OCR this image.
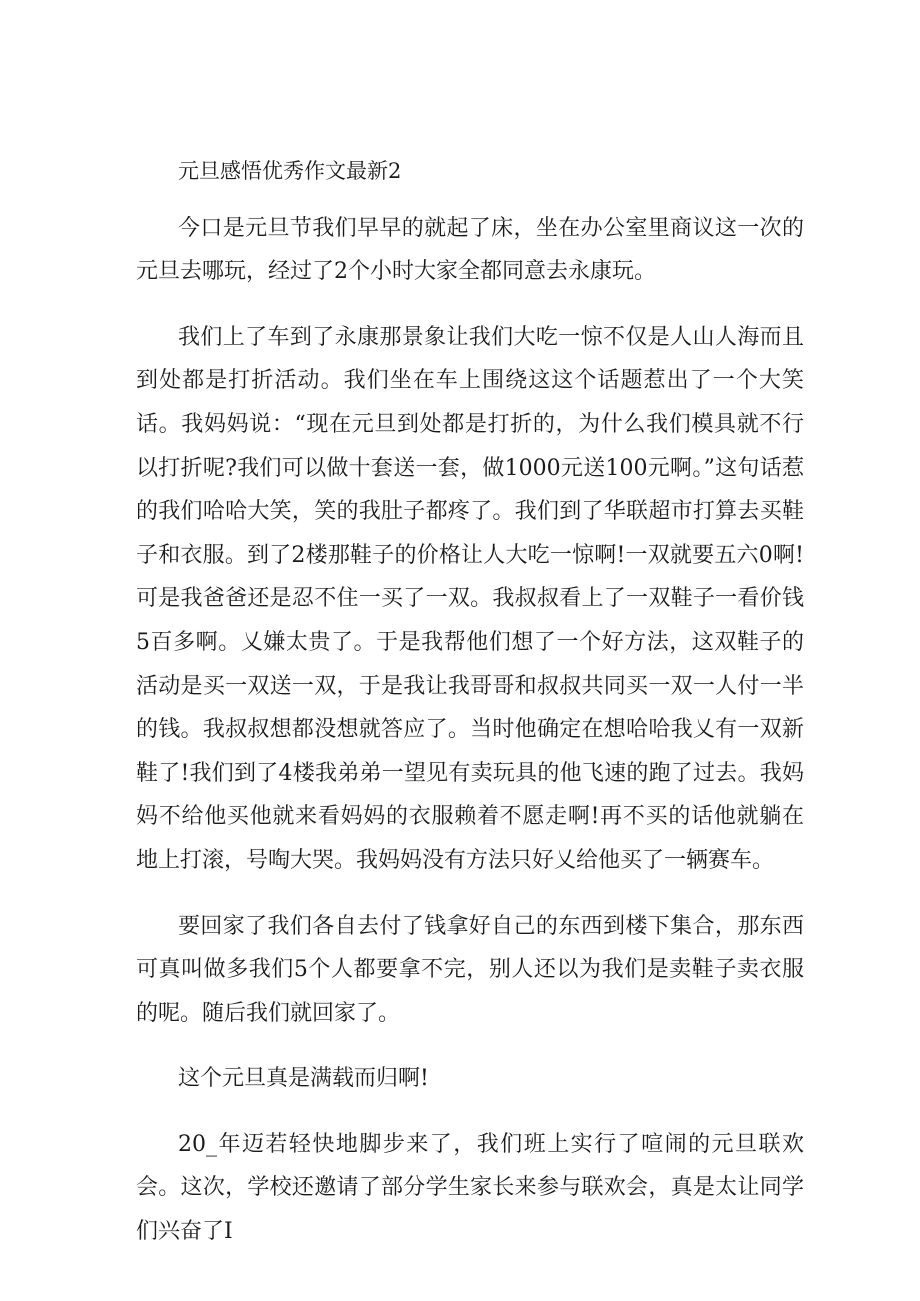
元旦感悟优秀作文最新2

今口是元旦节我们早早的就起了床，坐在办公室里商议这一次的元旦去哪玩，经过了2个小时大家全都同意去永康玩。

我们上了车到了永康那景象让我们大吃一惊不仅是人山人海而且到处都是打折活动。我们坐在车上围绕这这个话题惹出了一个大笑话。我妈妈说：“现在元旦到处都是打折的，为什么我们模具就不行以打折呢?我们可以做十套送一套，做1000元送100元啊。”这句话惹的我们哈哈大笑，笑的我肚子都疼了。我们到了华联超市打算去买鞋子和衣服。到了2楼那鞋子的价格让人大吃一惊啊!一双就要五六0啊!可是我爸爸还是忍不住一买了一双。我叔叔看上了一双鞋子一看价钱5百多啊。乂嫌太贵了。于是我帮他们想了一个好方法，这双鞋子的活动是买一双送一双，于是我让我哥哥和叔叔共同买一双一人付一半的钱。我叔叔想都没想就答应了。当时他确定在想哈哈我乂有一双新鞋了!我们到了4楼我弟弟一望见有卖玩具的他飞速的跑了过去。我妈妈不给他买他就来看妈妈的衣服赖着不愿走啊!再不买的话他就躺在地上打滚，号啕大哭。我妈妈没有方法只好乂给他买了一辆赛车。

要回家了我们各自去付了钱拿好自己的东西到楼下集合，那东西可真叫做多我们5个人都要拿不完，别人还以为我们是卖鞋子卖衣服的呢。随后我们就回家了。

这个元旦真是满载而归啊!

20_年迈若轻快地脚步来了，我们班上实行了喧闹的元旦联欢会。这次，学校还邀请了部分学生家长来参与联欢会，真是太让同学们兴奋了I
